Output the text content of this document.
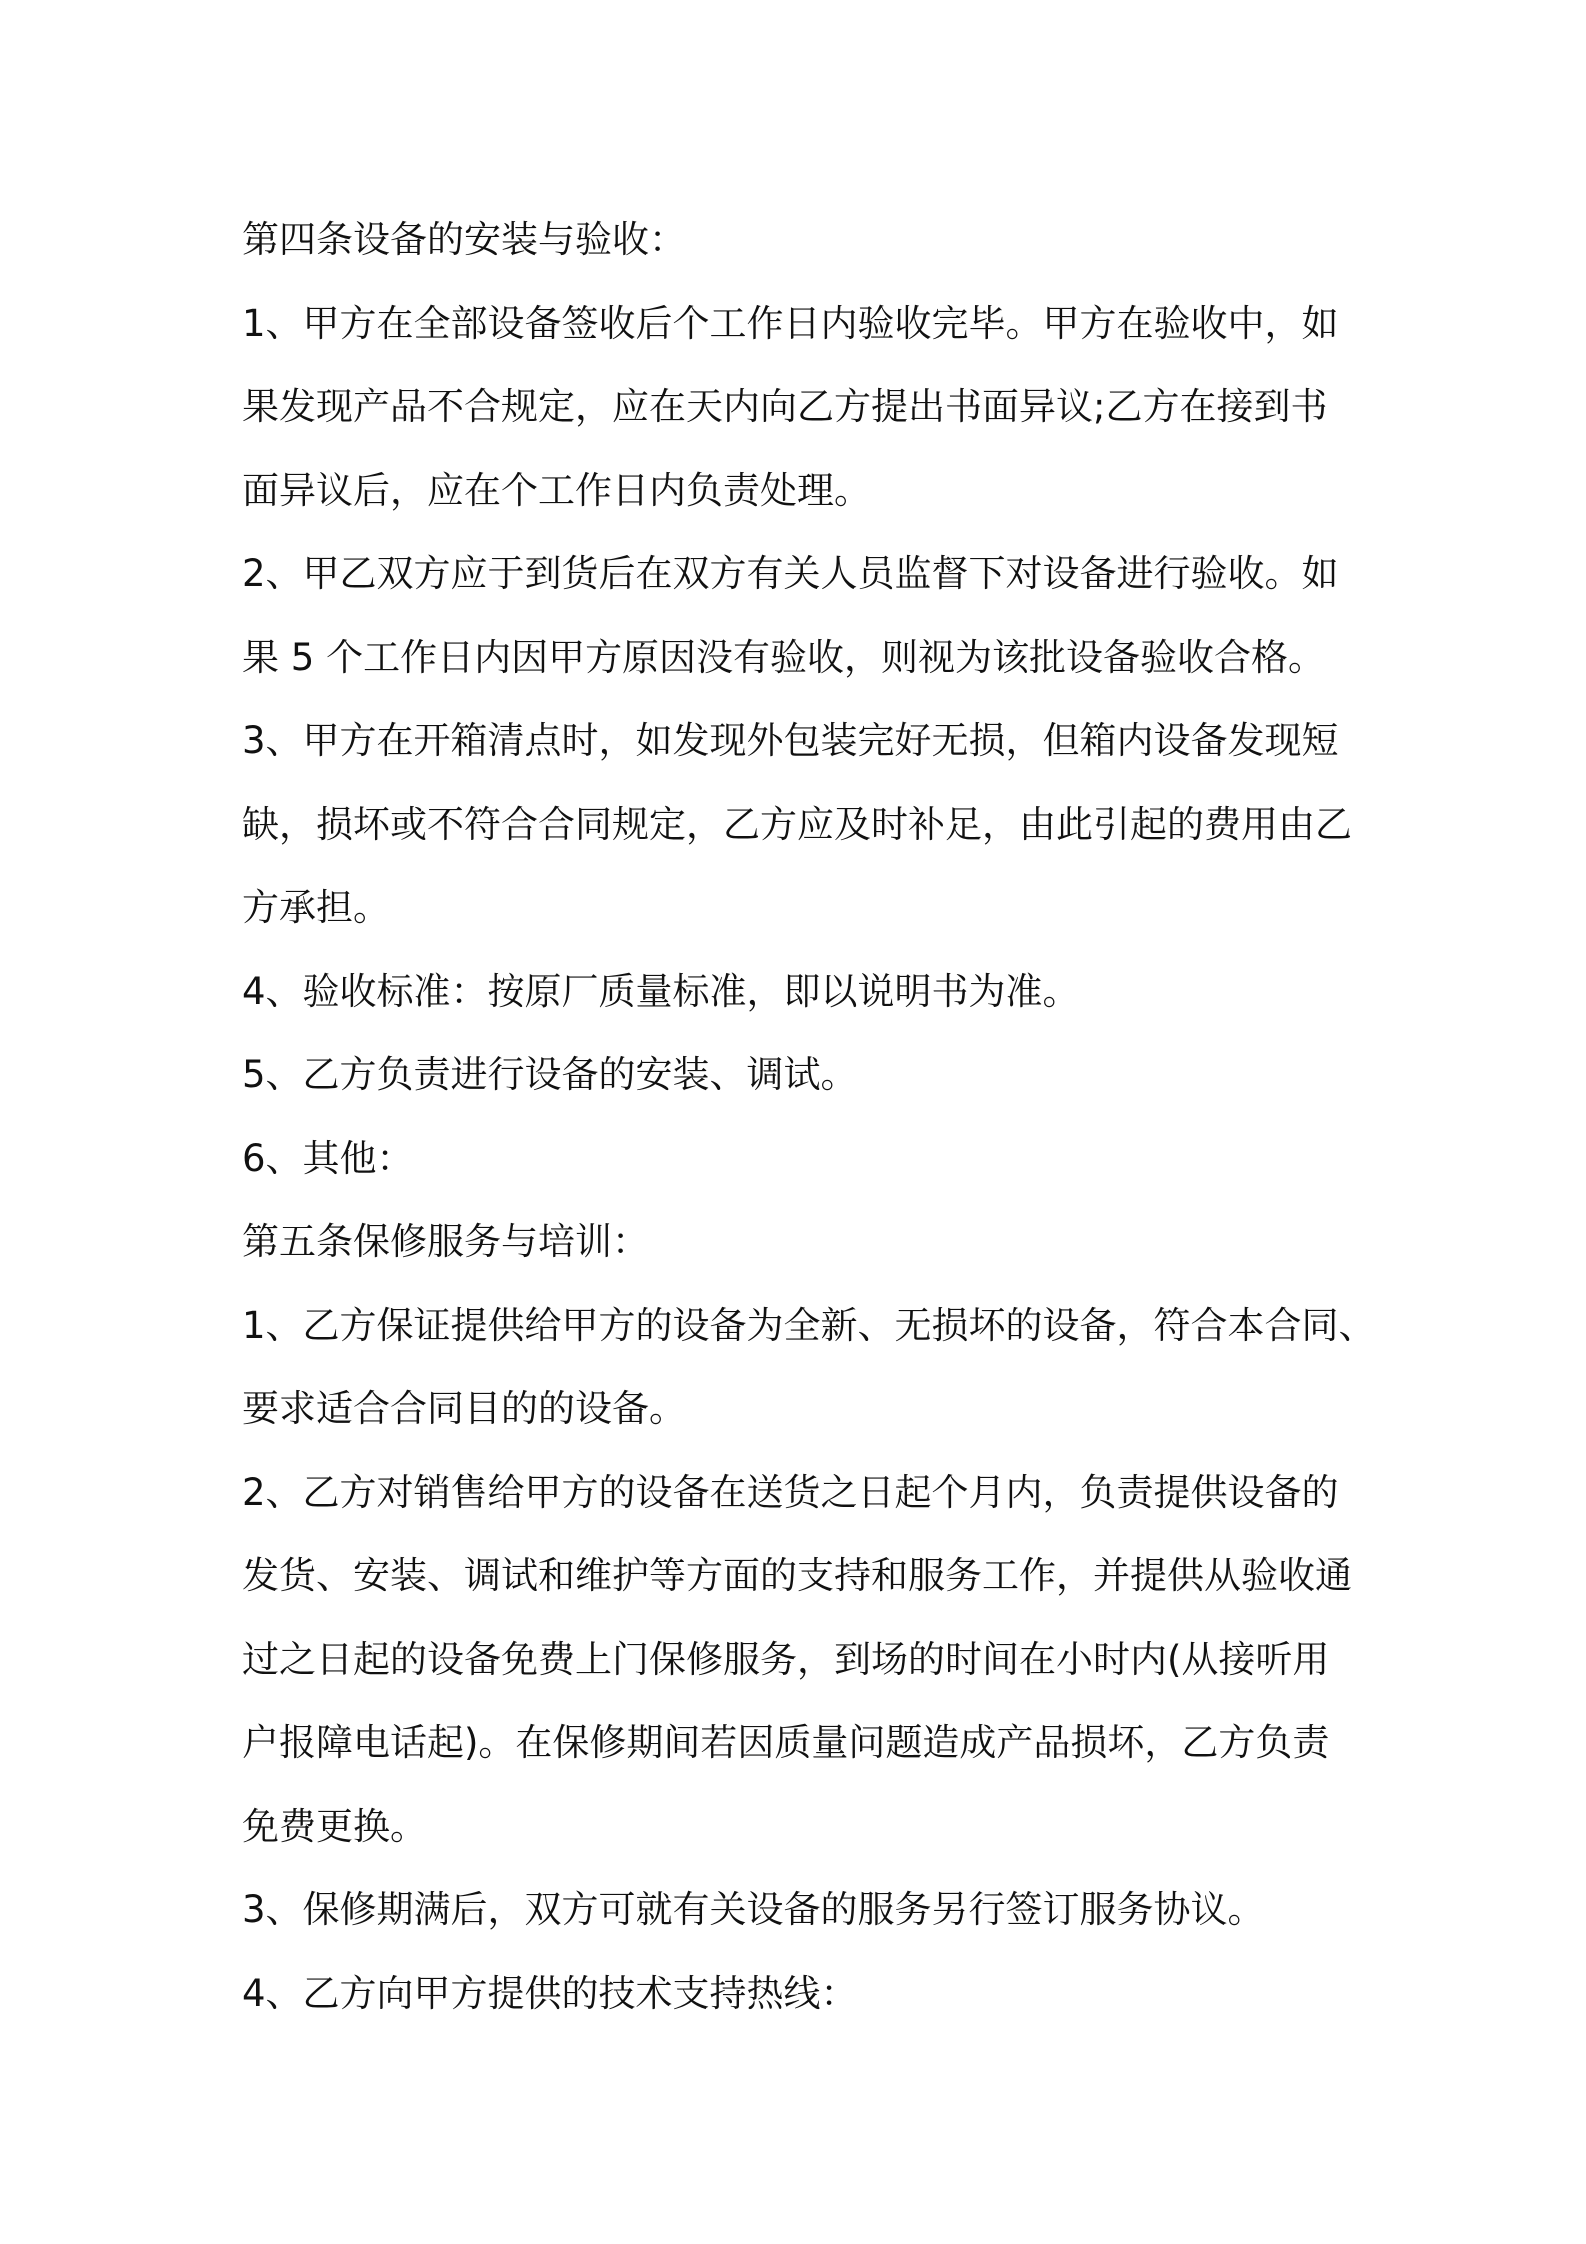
第四条设备的安装与验收：
1、甲方在全部设备签收后个工作日内验收完毕。甲方在验收中，如
果发现产品不合规定，应在天内向乙方提出书面异议;乙方在接到书
面异议后，应在个工作日内负责处理。
2、甲乙双方应于到货后在双方有关人员监督下对设备进行验收。如
果 5 个工作日内因甲方原因没有验收，则视为该批设备验收合格。
3、甲方在开箱清点时，如发现外包装完好无损，但箱内设备发现短
缺，损坏或不符合合同规定，乙方应及时补足，由此引起的费用由乙
方承担。
4、验收标准：按原厂质量标准，即以说明书为准。
5、乙方负责进行设备的安装、调试。
6、其他：
第五条保修服务与培训：
1、乙方保证提供给甲方的设备为全新、无损坏的设备，符合本合同、
要求适合合同目的的设备。
2、乙方对销售给甲方的设备在送货之日起个月内，负责提供设备的
发货、安装、调试和维护等方面的支持和服务工作，并提供从验收通
过之日起的设备免费上门保修服务，到场的时间在小时内(从接听用
户报障电话起)。在保修期间若因质量问题造成产品损坏，乙方负责
免费更换。
3、保修期满后，双方可就有关设备的服务另行签订服务协议。
4、乙方向甲方提供的技术支持热线：
